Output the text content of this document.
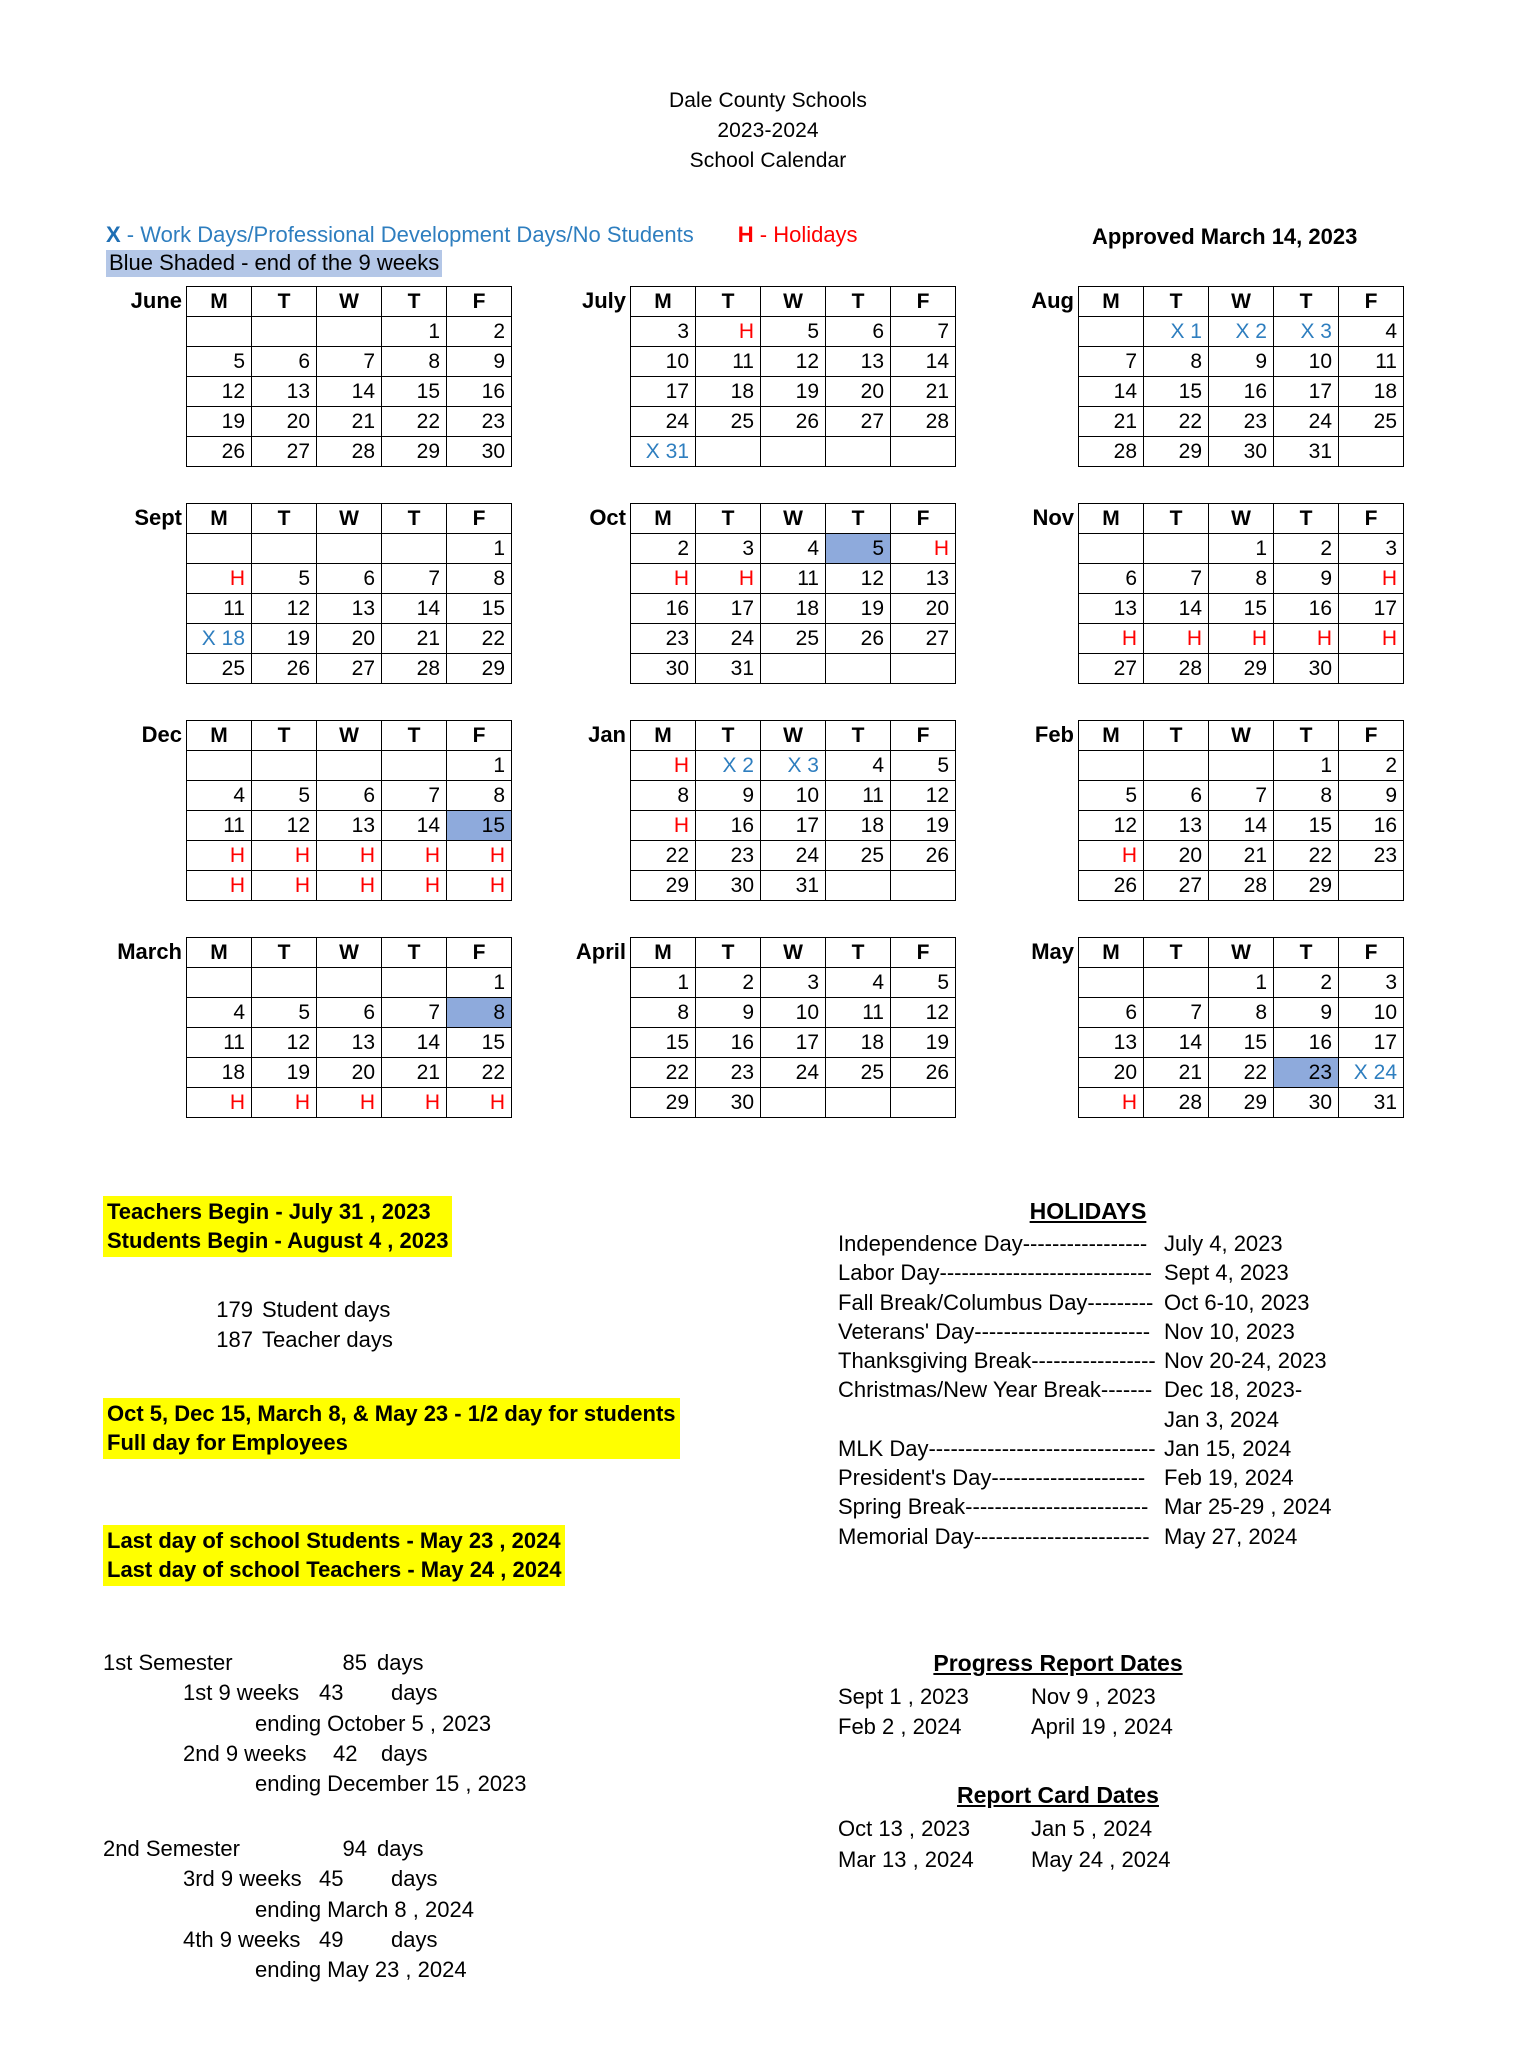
Dale County Schools
2023-2024
School Calendar
X - Work Days/Professional Development Days/No Students H - Holidays
Blue Shaded - end of the 9 weeks
Approved March 14, 2023
June M	T	W	T	F
			1	2
5	6	7	8	9
12	13	14	15	16
19	20	21	22	23
26	27	28	29	30
July M	T	W	T	F
3	H	5	6	7
10	11	12	13	14
17	18	19	20	21
24	25	26	27	28
X 31				
Aug M	T	W	T	F
	X 1	X 2	X 3	4
7	8	9	10	11
14	15	16	17	18
21	22	23	24	25
28	29	30	31	
Sept M	T	W	T	F
				1
H	5	6	7	8
11	12	13	14	15
X 18	19	20	21	22
25	26	27	28	29
Oct M	T	W	T	F
2	3	4	5	H
H	H	11	12	13
16	17	18	19	20
23	24	25	26	27
30	31			
Nov M	T	W	T	F
		1	2	3
6	7	8	9	H
13	14	15	16	17
H	H	H	H	H
27	28	29	30	
Dec M	T	W	T	F
				1
4	5	6	7	8
11	12	13	14	15
H	H	H	H	H
H	H	H	H	H
Jan M	T	W	T	F
H	X 2	X 3	4	5
8	9	10	11	12
H	16	17	18	19
22	23	24	25	26
29	30	31		
Feb M	T	W	T	F
			1	2
5	6	7	8	9
12	13	14	15	16
H	20	21	22	23
26	27	28	29	
March M	T	W	T	F
				1
4	5	6	7	8
11	12	13	14	15
18	19	20	21	22
H	H	H	H	H
April M	T	W	T	F
1	2	3	4	5
8	9	10	11	12
15	16	17	18	19
22	23	24	25	26
29	30			
May M	T	W	T	F
		1	2	3
6	7	8	9	10
13	14	15	16	17
20	21	22	23	X 24
H	28	29	30	31
Teachers Begin - July 31 , 2023
Students Begin - August 4 , 2023
179 Student days
187 Teacher days
Oct 5, Dec 15, March 8, & May 23 - 1/2 day for students
Full day for Employees
Last day of school Students - May 23 , 2024
Last day of school Teachers - May 24 , 2024
HOLIDAYS
Independence Day----------------- July 4, 2023
Labor Day----------------------------- Sept 4, 2023
Fall Break/Columbus Day--------- Oct 6-10, 2023
Veterans' Day------------------------ Nov 10, 2023
Thanksgiving Break----------------- Nov 20-24, 2023
Christmas/New Year Break------- Dec 18, 2023-
Jan 3, 2024
MLK Day------------------------------- Jan 15, 2024
President's Day--------------------- Feb 19, 2024
Spring Break------------------------- Mar 25-29 , 2024
Memorial Day------------------------ May 27, 2024
1st Semester	85 days
1st 9 weeks 43	days
ending October 5 , 2023
2nd 9 weeks	42	days
ending December 15 , 2023
2nd Semester	94 days
3rd 9 weeks 45	days
ending March 8 , 2024
4th 9 weeks 49	days
ending May 23 , 2024
Progress Report Dates
Sept 1 , 2023	Nov 9 , 2023
Feb 2 , 2024	April 19 , 2024
Report Card Dates
Oct 13 , 2023	Jan 5 , 2024
Mar 13 , 2024	May 24 , 2024
